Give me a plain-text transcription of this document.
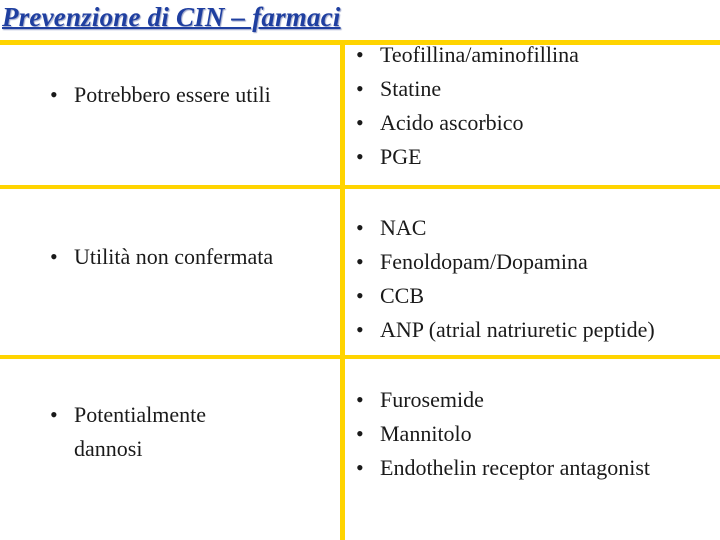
Prevenzione di CIN – farmaci
• Potrebbero essere utili
• Teofillina/aminofillina
• Statine
• Acido ascorbico
• PGE
• Utilità non confermata
• NAC
• Fenoldopam/Dopamina
• CCB
• ANP (atrial natriuretic peptide)
• Potentialmente
dannosi
• Furosemide
• Mannitolo
• Endothelin receptor antagonist
